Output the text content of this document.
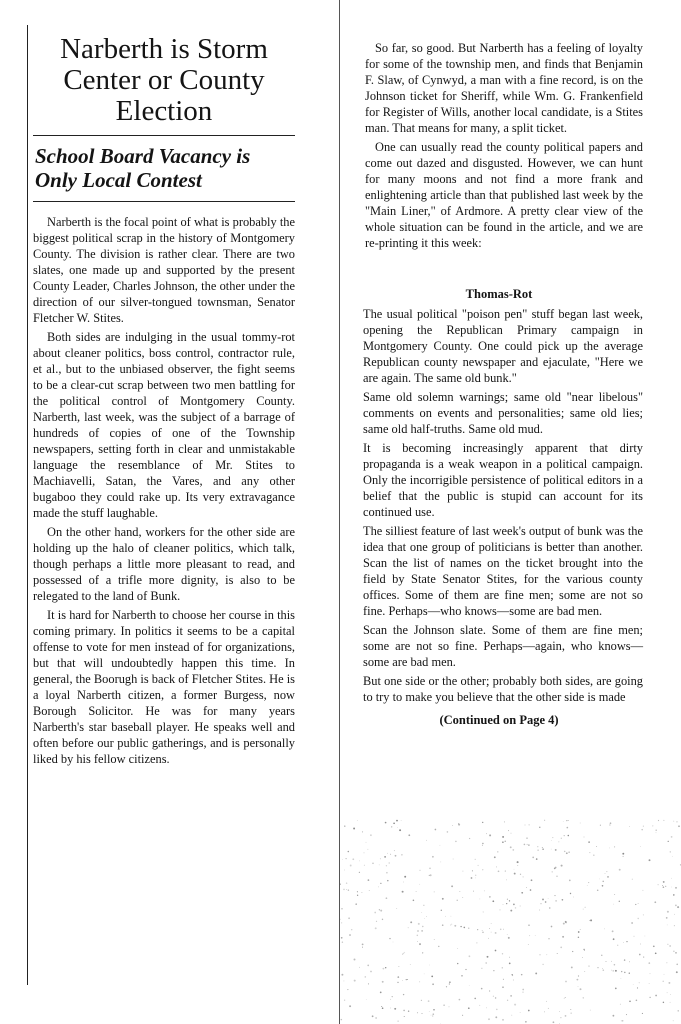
Narberth is Storm
Center or County
Election
School Board Vacancy is
Only Local Contest

Narberth is the focal point of what is probably the biggest political scrap in the history of Montgomery County. The division is rather clear. There are two slates, one made up and supported by the present County Leader, Charles Johnson, the other under the direction of our silver-tongued townsman, Senator Fletcher W. Stites.

Both sides are indulging in the usual tommy-rot about cleaner politics, boss control, contractor rule, et al., but to the unbiased observer, the fight seems to be a clear-cut scrap between two men battling for the political control of Montgomery County. Narberth, last week, was the subject of a barrage of hundreds of copies of one of the Township newspapers, setting forth in clear and unmistakable language the resemblance of Mr. Stites to Machiavelli, Satan, the Vares, and any other bugaboo they could rake up. Its very extravagance made the stuff laughable.

On the other hand, workers for the other side are holding up the halo of cleaner politics, which talk, though perhaps a little more pleasant to read, and possessed of a trifle more dignity, is also to be relegated to the land of Bunk.

It is hard for Narberth to choose her course in this coming primary. In politics it seems to be a capital offense to vote for men instead of for organizations, but that will undoubtedly happen this time. In general, the Boorugh is back of Fletcher Stites. He is a loyal Narberth citizen, a former Burgess, now Borough Solicitor. He was for many years Narberth's star baseball player. He speaks well and often before our public gatherings, and is personally liked by his fellow citizens.

So far, so good. But Narberth has a feeling of loyalty for some of the township men, and finds that Benjamin F. Slaw, of Cynwyd, a man with a fine record, is on the Johnson ticket for Sheriff, while Wm. G. Frankenfield for Register of Wills, another local candidate, is a Stites man. That means for many, a split ticket.

One can usually read the county political papers and come out dazed and disgusted. However, we can hunt for many moons and not find a more frank and enlightening article than that published last week by the "Main Liner," of Ardmore. A pretty clear view of the whole situation can be found in the article, and we are re-printing it this week:

Thomas-Rot

The usual political "poison pen" stuff began last week, opening the Republican Primary campaign in Montgomery County. One could pick up the average Republican county newspaper and ejaculate, "Here we are again. The same old bunk."

Same old solemn warnings; same old "near libelous" comments on events and personalities; same old lies; same old half-truths. Same old mud.

It is becoming increasingly apparent that dirty propaganda is a weak weapon in a political campaign. Only the incorrigible persistence of political editors in a belief that the public is stupid can account for its continued use.

The silliest feature of last week's output of bunk was the idea that one group of politicians is better than another. Scan the list of names on the ticket brought into the field by State Senator Stites, for the various county offices. Some of them are fine men; some are not so fine. Perhaps—who knows—some are bad men.

Scan the Johnson slate. Some of them are fine men; some are not so fine. Perhaps—again, who knows—some are bad men.

But one side or the other; probably both sides, are going to try to make you believe that the other side is made

(Continued on Page 4)
